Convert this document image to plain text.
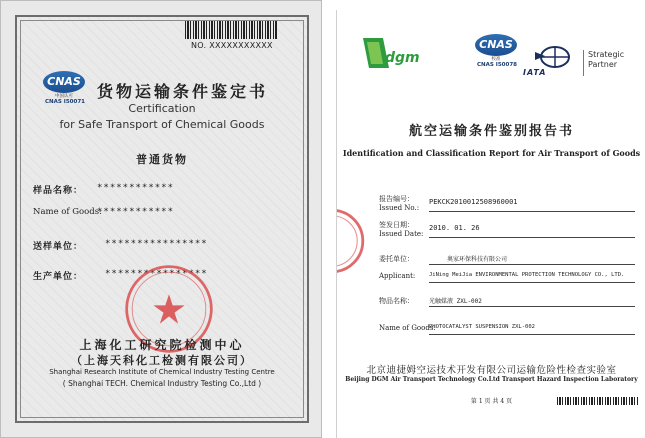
NO. XXXXXXXXXXX
CNAS
中国认可
CNAS I50071
货物运输条件鉴定书
Certification
for Safe Transport of Chemical Goods
普通货物
样品名称： ************
Name of Goods:
************
送样单位： ****************
生产单位： ****************
上海化工研究院检测中心
（上海天科化工检测有限公司）
Shanghai Research Institute of Chemical Industry Testing Centre
( Shanghai TECH. Chemical Industry Testing Co.,Ltd )
dgm
CNAS
校准
CNAS I50078
IATA
Strategic
Partner
航空运输条件鉴别报告书
Identification and Classification Report for Air Transport of Goods
报告编号：
Issued No.:
PEKCK2010012508960001
签发日期：
Issued Date:
2010. 01. 26
委托单位：	奥家环保科技有限公司
Applicant: JiNing MeiJia ENVIRONMENTAL PROTECTION TECHNOLOGY CO., LTD.
物品名称：	光触媒液 ZXL-002
Name of Goods:
PHOTOCATALYST SUSPENSION ZXL-002
北京迪捷姆空运技术开发有限公司运输危险性检查实验室
Beijing DGM Air Transport Technology Co.Ltd Transport Hazard Inspection Laboratory
第 1 页 共 4 页
